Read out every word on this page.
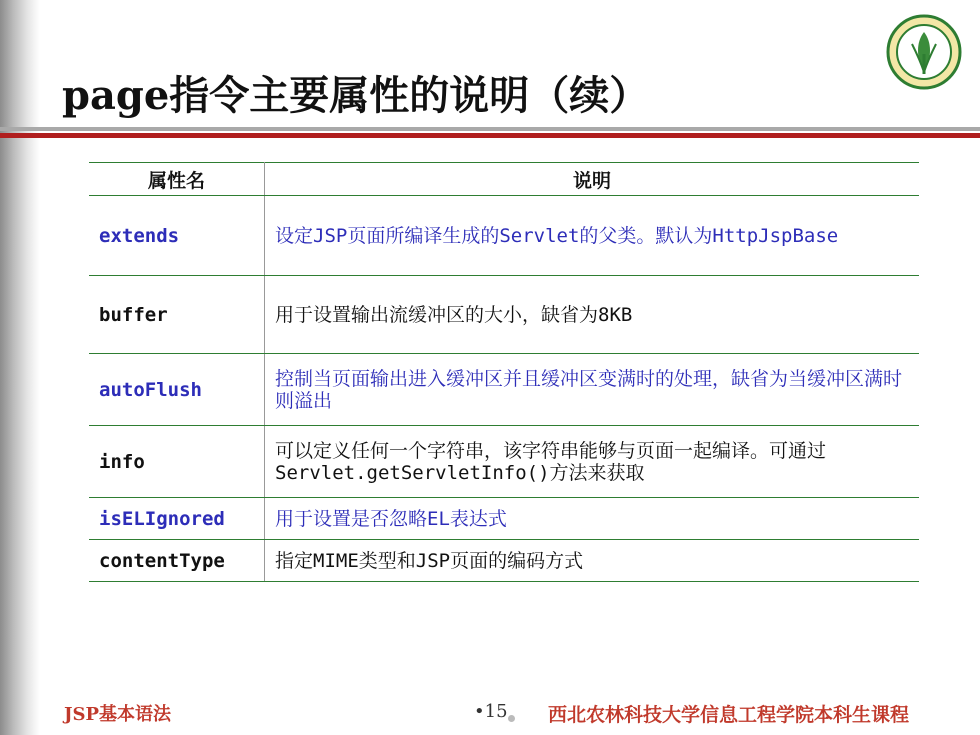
page指令主要属性的说明（续）
属性名	说明
extends	设定JSP页面所编译生成的Servlet的父类。默认为HttpJspBase
buffer	用于设置输出流缓冲区的大小，缺省为8KB
autoFlush	控制当页面输出进入缓冲区并且缓冲区变满时的处理，缺省为当缓冲区满时则溢出
info	可以定义任何一个字符串，该字符串能够与页面一起编译。可通过Servlet.getServletInfo()方法来获取
isELIgnored	用于设置是否忽略EL表达式
contentType	指定MIME类型和JSP页面的编码方式
JSP基本语法	•15 西北农林科技大学信息工程学院本科生课程
